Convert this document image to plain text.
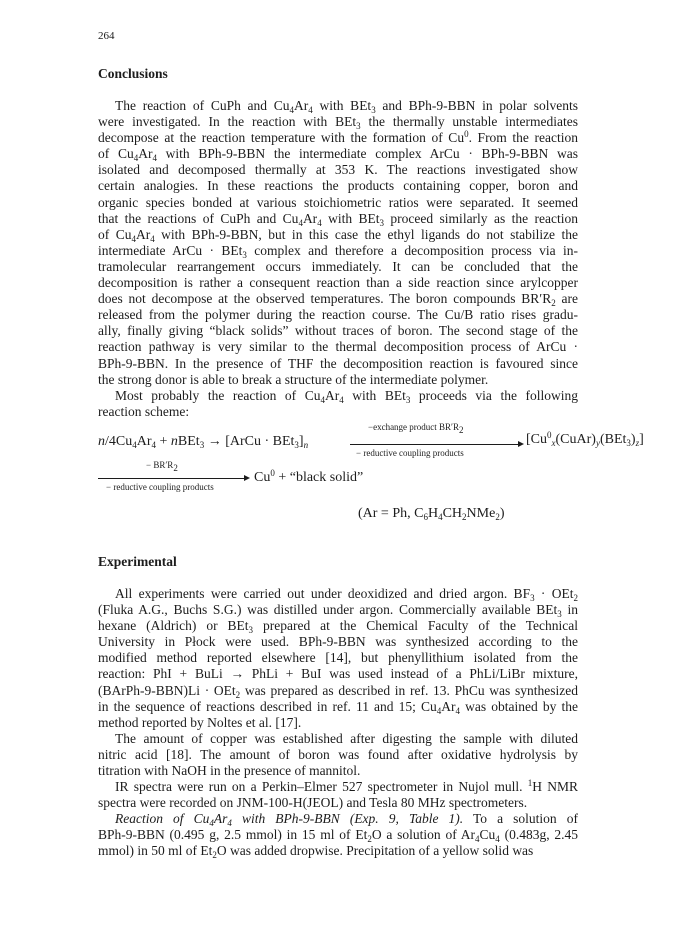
264
Conclusions
The reaction of CuPh and $Cu_4Ar_4$ with BEt$_3$ and BPh-9-BBN in polar solvents
were investigated. In the reaction with BEt$_3$ the thermally unstable intermediates
decompose at the reaction temperature with the formation of Cu$^0$. From the reaction
of $Cu_4Ar_4$ with BPh-9-BBN the intermediate complex ArCu · BPh-9-BBN was
isolated and decomposed thermally at 353 K. The reactions investigated show
certain analogies. In these reactions the products containing copper, boron and
organic species bonded at various stoichiometric ratios were separated. It seemed
that the reactions of CuPh and $Cu_4Ar_4$ with BEt$_3$ proceed similarly as the reaction
of $Cu_4Ar_4$ with BPh-9-BBN, but in this case the ethyl ligands do not stabilize the
intermediate ArCu · BEt$_3$ complex and therefore a decomposition process via in-
tramolecular rearrangement occurs immediately. It can be concluded that the
decomposition is rather a consequent reaction than a side reaction since arylcopper
does not decompose at the observed temperatures. The boron compounds $BR'R_2$ are
released from the polymer during the reaction course. The Cu/B ratio rises gradu-
ally, finally giving “black solids” without traces of boron. The second stage of the
reaction pathway is very similar to the thermal decomposition process of ArCu ·
BPh-9-BBN. In the presence of THF the decomposition reaction is favoured since
the strong donor is able to break a structure of the intermediate polymer.
Most probably the reaction of $Cu_4Ar_4$ with BEt$_3$ proceeds via the following
reaction scheme:
$n/4Cu_4Ar_4$ + nBEt$_3$ → [ArCu · $BEt_3]_n$
−exchange product $BR'R_2$
− reductive coupling products
$[Cu^0_x(CuAr)_y(BEt_3)_z]$
− $BR'R_2$
− reductive coupling products
$Cu^0$ + “black solid”
(Ar = Ph, $C_6H_4CH_2NMe_2$)
Experimental
All experiments were carried out under deoxidized and dried argon. $BF_3 \cdot OEt_2$
(Fluka A.G., Buchs S.G.) was distilled under argon. Commercially available BEt$_3$ in
hexane (Aldrich) or BEt$_3$ prepared at the Chemical Faculty of the Technical
University in Płock were used. BPh-9-BBN was synthesized according to the
modified method reported elsewhere [14], but phenyllithium isolated from the
reaction: PhI + BuLi → PhLi + BuI was used instead of a PhLi/LiBr mixture,
(BArPh-9-BBN)Li · OEt$_2$ was prepared as described in ref. 13. PhCu was synthesized
in the sequence of reactions described in ref. 11 and 15; $Cu_4Ar_4$ was obtained by the
method reported by Noltes et al. [17].
The amount of copper was established after digesting the sample with diluted
nitric acid [18]. The amount of boron was found after oxidative hydrolysis by
titration with NaOH in the presence of mannitol.
IR spectra were run on a Perkin–Elmer 527 spectrometer in Nujol mull. $^1$H NMR
spectra were recorded on JNM-100-H(JEOL) and Tesla 80 MHz spectrometers.
Reaction of $Cu_4Ar_4$ with BPh-9-BBN (Exp. 9, Table 1). To a solution of
BPh-9-BBN (0.495 g, 2.5 mmol) in 15 ml of $Et_2O$ a solution of $Ar_4Cu_4$ (0.483g, 2.45
mmol) in 50 ml of $Et_2O$ was added dropwise. Precipitation of a yellow solid was
